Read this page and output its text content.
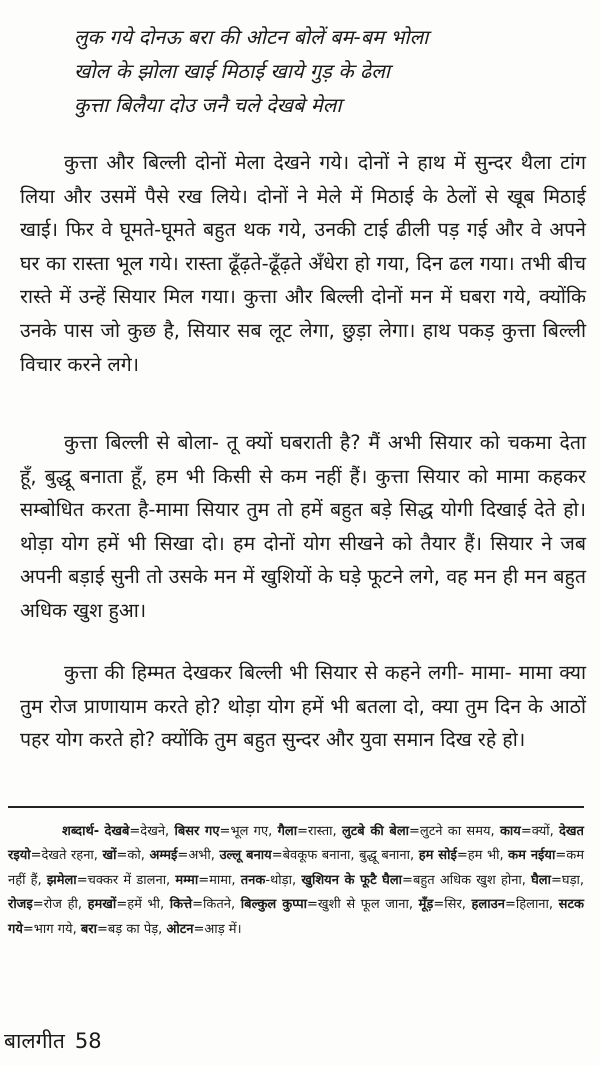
लुक गये दोनऊ बरा की ओटन बोलें बम-बम भोला
खोल के झोला खाई मिठाई खाये गुड़ के ढेला
कुत्ता बिलैया दोउ जनै चले देखबे मेला

कुत्ता और बिल्ली दोनों मेला देखने गये। दोनों ने हाथ में सुन्दर थैला टांग लिया और उसमें पैसे रख लिये। दोनों ने मेले में मिठाई के ठेलों से खूब मिठाई खाई। फिर वे घूमते-घूमते बहुत थक गये, उनकी टाई ढीली पड़ गई और वे अपने घर का रास्ता भूल गये। रास्ता ढूँढ़ते-ढूँढ़ते अँधेरा हो गया, दिन ढल गया। तभी बीच रास्ते में उन्हें सियार मिल गया। कुत्ता और बिल्ली दोनों मन में घबरा गये, क्योंकि उनके पास जो कुछ है, सियार सब लूट लेगा, छुड़ा लेगा। हाथ पकड़ कुत्ता बिल्ली विचार करने लगे।

कुत्ता बिल्ली से बोला- तू क्यों घबराती है? मैं अभी सियार को चकमा देता हूँ, बुद्धू बनाता हूँ, हम भी किसी से कम नहीं हैं। कुत्ता सियार को मामा कहकर सम्बोधित करता है-मामा सियार तुम तो हमें बहुत बड़े सिद्ध योगी दिखाई देते हो। थोड़ा योग हमें भी सिखा दो। हम दोनों योग सीखने को तैयार हैं। सियार ने जब अपनी बड़ाई सुनी तो उसके मन में खुशियों के घड़े फूटने लगे, वह मन ही मन बहुत अधिक खुश हुआ।

कुत्ता की हिम्मत देखकर बिल्ली भी सियार से कहने लगी- मामा- मामा क्या तुम रोज प्राणायाम करते हो? थोड़ा योग हमें भी बतला दो, क्या तुम दिन के आठों पहर योग करते हो? क्योंकि तुम बहुत सुन्दर और युवा समान दिख रहे हो।

शब्दार्थ- देखबे=देखने, बिसर गए=भूल गए, गैला=रास्ता, लुटबे की बेला=लुटने का समय, काय=क्यों, देखत रइयो=देखते रहना, खों=को, अम्मई=अभी, उल्लू बनाय=बेवकूफ बनाना, बुद्धू बनाना, हम सोई=हम भी, कम नईया=कम नहीं हैं, झमेला=चक्कर में डालना, मम्मा=मामा, तनक-थोड़ा, खुशियन के फूटै घैला=बहुत अधिक खुश होना, घैला=घड़ा, रोजइ=रोज ही, हमखों=हमें भी, कित्ते=कितने, बिल्कुल कुप्पा=खुशी से फूल जाना, मूँड़=सिर, हलाउन=हिलाना, सटक गये=भाग गये, बरा=बड़ का पेड़, ओटन=आड़ में।
बालगीत 58
